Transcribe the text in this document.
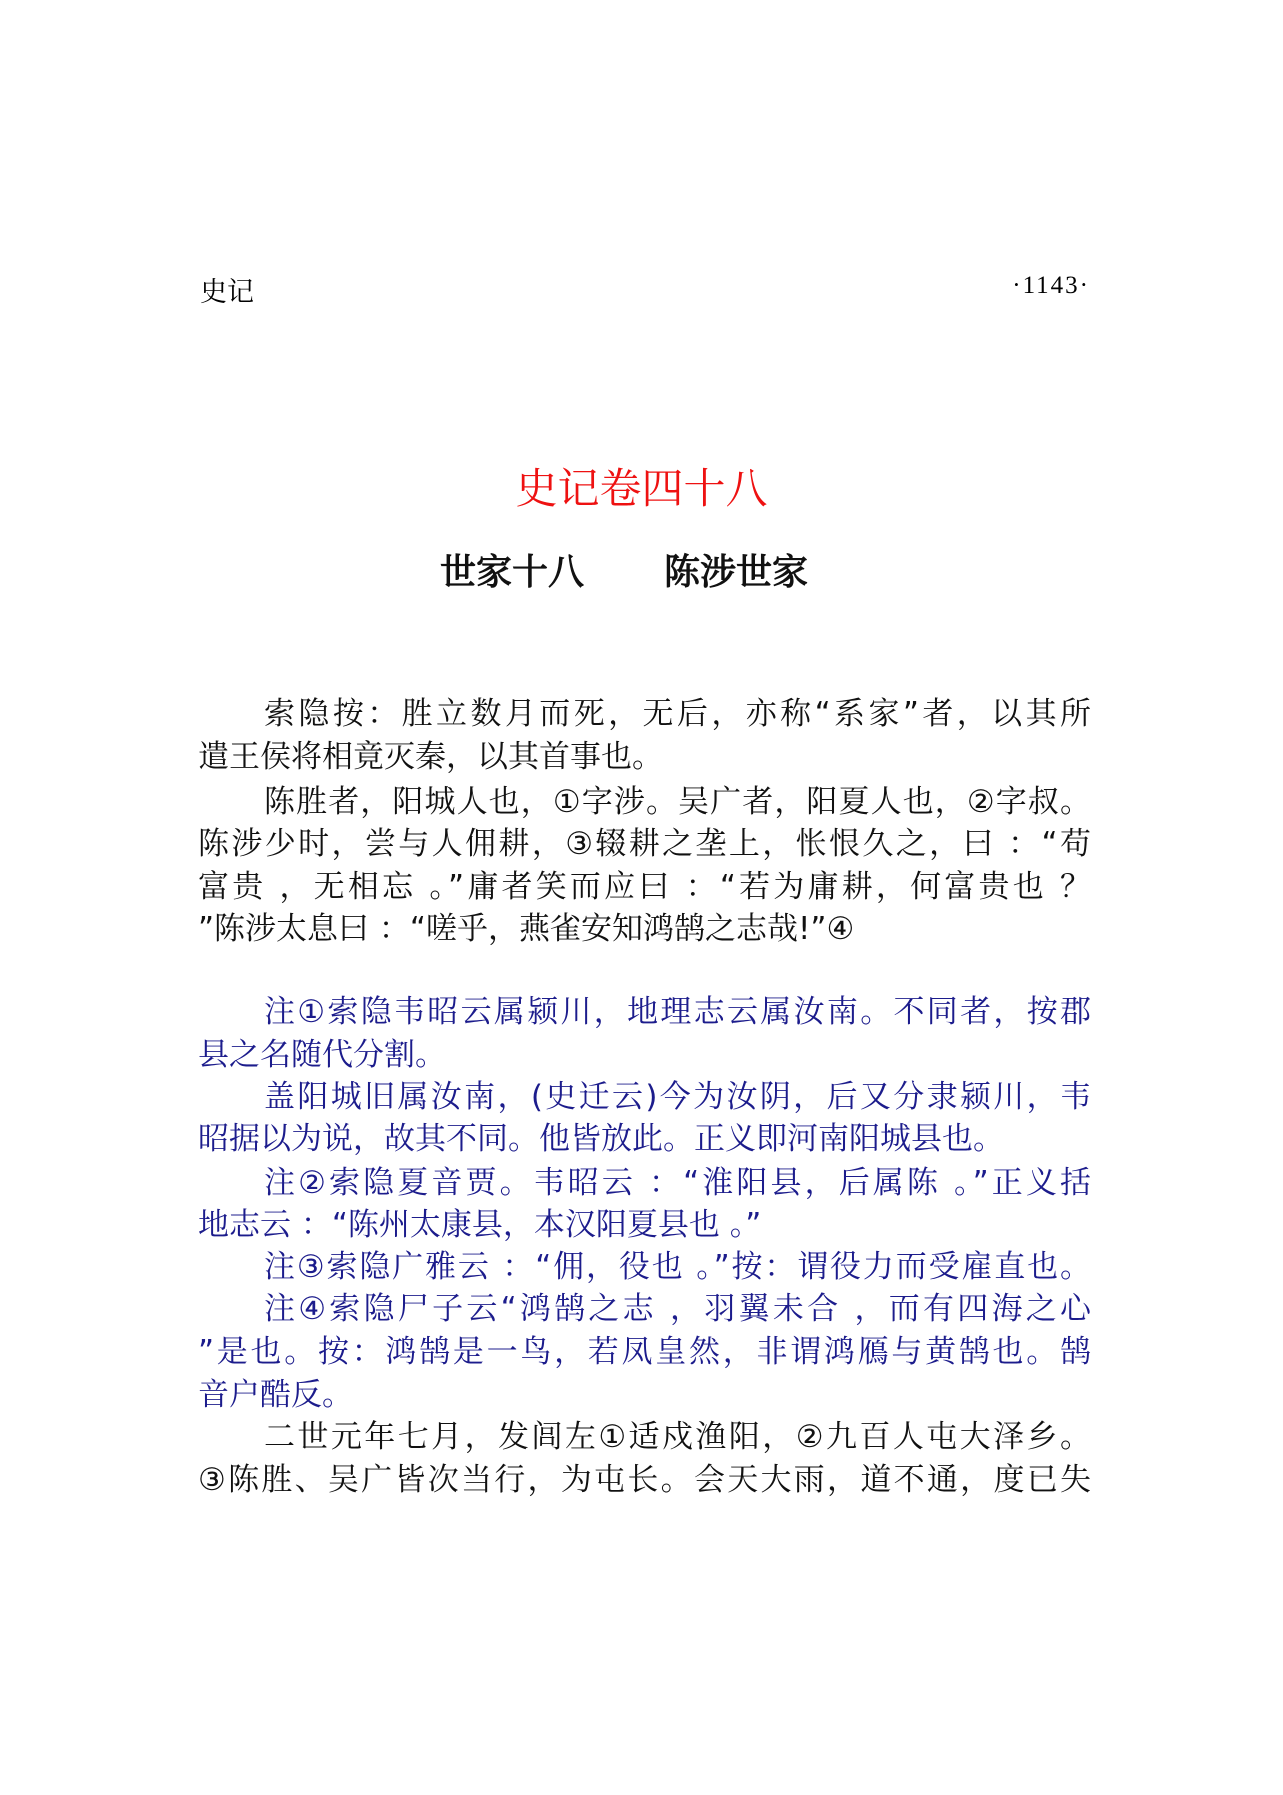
史记	·1143·
史记卷四十八
世家十八 陈涉世家
索隐按：胜立数月而死，无后，亦称“系家”者，以其所
遣王侯将相竟灭秦，以其首事也。
陈胜者，阳城人也，①字涉。吴广者，阳夏人也，②字叔。
陈涉少时，尝与人佣耕，③辍耕之垄上，怅恨久之，曰 ：“苟
富贵 ，无相忘 。”庸者笑而应曰 ：“若为庸耕，何富贵也 ？
”陈涉太息曰 ：“嗟乎，燕雀安知鸿鹄之志哉!”④
注①索隐韦昭云属颍川，地理志云属汝南。不同者，按郡
县之名随代分割。
盖阳城旧属汝南，(史迁云)今为汝阴，后又分隶颍川，韦
昭据以为说，故其不同。他皆放此。正义即河南阳城县也。
注②索隐夏音贾。韦昭云 ：“淮阳县，后属陈 。”正义括
地志云 ：“陈州太康县，本汉阳夏县也 。”
注③索隐广雅云 ：“佣，役也 。”按：谓役力而受雇直也。
注④索隐尸子云“鸿鹄之志 ，羽翼未合 ，而有四海之心
”是也。按：鸿鹄是一鸟，若凤皇然，非谓鸿鴈与黄鹄也。鹄
音户酷反。
二世元年七月，发闾左①适戍渔阳，②九百人屯大泽乡。
③陈胜、吴广皆次当行，为屯长。会天大雨，道不通，度已失
